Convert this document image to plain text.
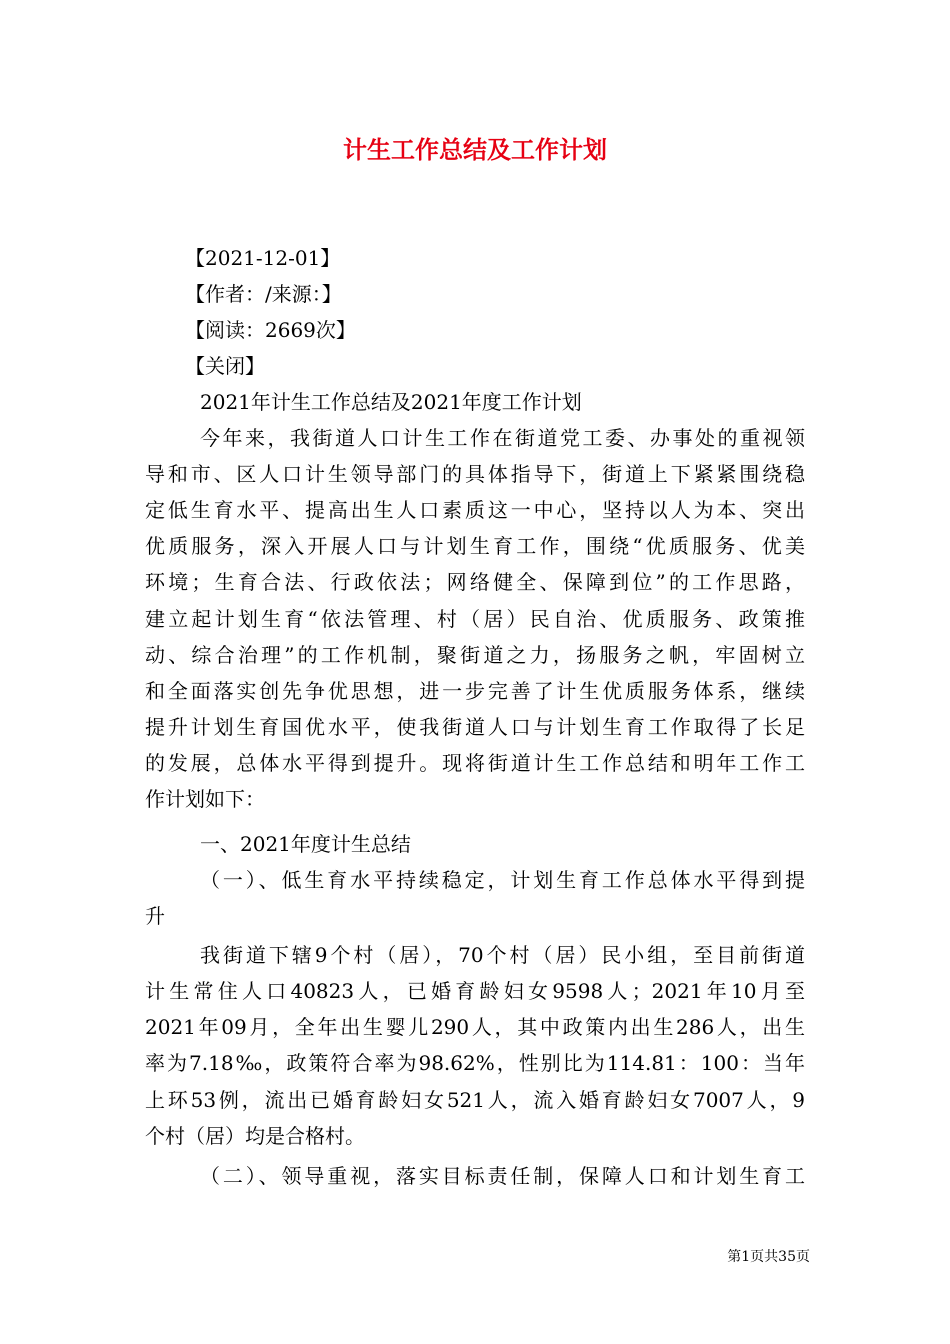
计生工作总结及工作计划
【2021-12-01】
【作者：/来源：】
【阅读：2669次】
【关闭】
2021年计生工作总结及2021年度工作计划
今年来，我街道人口计生工作在街道党工委、办事处的重视领
导和市、区人口计生领导部门的具体指导下，街道上下紧紧围绕稳
定低生育水平、提高出生人口素质这一中心，坚持以人为本、突出
优质服务，深入开展人口与计划生育工作，围绕“优质服务、优美
环境；生育合法、行政依法；网络健全、保障到位”的工作思路，
建立起计划生育“依法管理、村（居）民自治、优质服务、政策推
动、综合治理”的工作机制，聚街道之力，扬服务之帆，牢固树立
和全面落实创先争优思想，进一步完善了计生优质服务体系，继续
提升计划生育国优水平，使我街道人口与计划生育工作取得了长足
的发展，总体水平得到提升。现将街道计生工作总结和明年工作工
作计划如下：
一、2021年度计生总结
（一）、低生育水平持续稳定，计划生育工作总体水平得到提
升
我街道下辖9个村（居），70个村（居）民小组，至目前街道
计生常住人口40823人，已婚育龄妇女9598人；2021年10月至
2021年09月，全年出生婴儿290人，其中政策内出生286人，出生
率为7.18‰，政策符合率为98.62%，性别比为114.81：100：当年
上环53例，流出已婚育龄妇女521人，流入婚育龄妇女7007人，9
个村（居）均是合格村。
（二）、领导重视，落实目标责任制，保障人口和计划生育工
第1页共35页
